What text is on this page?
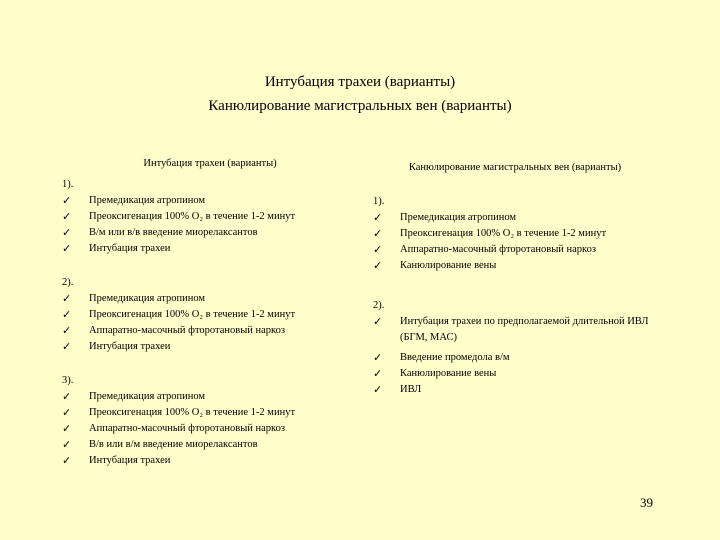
Интубация трахеи (варианты)
Канюлирование магистральных вен (варианты)
Интубация трахеи (варианты)	Канюлирование магистральных вен (варианты)
1).
✓	Премедикация атропином
✓	Преоксигенация 100% O₂ в течение 1-2 минут
✓	В/м или в/в введение миорелаксантов
✓	Интубация трахеи
2).
✓	Премедикация атропином
✓	Преоксигенация 100% O₂ в течение 1-2 минут
✓	Аппаратно-масочный фторотановый наркоз
✓	Интубация трахеи
3).
✓	Премедикация атропином
✓	Преоксигенация 100% O₂ в течение 1-2 минут
✓	Аппаратно-масочный фторотановый наркоз
✓	В/в или в/м введение миорелаксантов
✓	Интубация трахеи
1).
✓	Премедикация атропином
✓	Преоксигенация 100% O₂ в течение 1-2 минут
✓	Аппаратно-масочный фторотановый наркоз
✓	Канюлирование вены
2).
✓	Интубация трахеи по предполагаемой длительной ИВЛ (БГМ, МАС)
✓	Введение промедола в/м
✓	Канюлирование вены
✓	ИВЛ
39
